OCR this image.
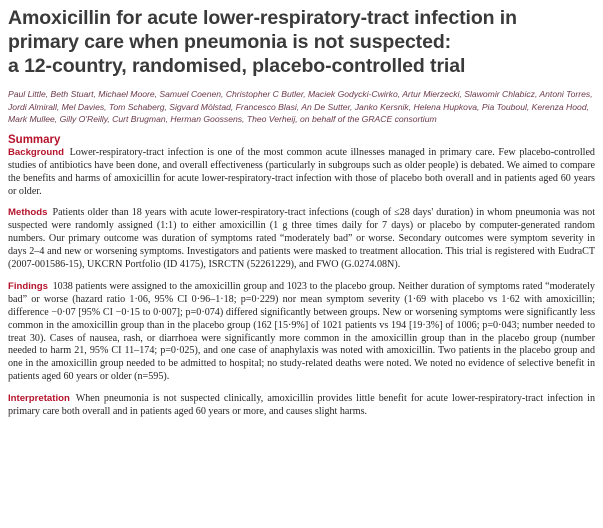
Amoxicillin for acute lower-respiratory-tract infection in
primary care when pneumonia is not suspected:
a 12-country, randomised, placebo-controlled trial

Paul Little, Beth Stuart, Michael Moore, Samuel Coenen, Christopher C Butler, Maciek Godycki-Cwirko, Artur Mierzecki, Slawomir Chlabicz, Antoni Torres, Jordi Almirall, Mel Davies, Tom Schaberg, Sigvard Mölstad, Francesco Blasi, An De Sutter, Janko Kersnik, Helena Hupkova, Pia Touboul, Kerenza Hood, Mark Mullee, Gilly O'Reilly, Curt Brugman, Herman Goossens, Theo Verheij, on behalf of the GRACE consortium

Summary

Background Lower-respiratory-tract infection is one of the most common acute illnesses managed in primary care. Few placebo-controlled studies of antibiotics have been done, and overall effectiveness (particularly in subgroups such as older people) is debated. We aimed to compare the benefits and harms of amoxicillin for acute lower-respiratory-tract infection with those of placebo both overall and in patients aged 60 years or older.

Methods Patients older than 18 years with acute lower-respiratory-tract infections (cough of ≤28 days' duration) in whom pneumonia was not suspected were randomly assigned (1:1) to either amoxicillin (1 g three times daily for 7 days) or placebo by computer-generated random numbers. Our primary outcome was duration of symptoms rated “moderately bad” or worse. Secondary outcomes were symptom severity in days 2–4 and new or worsening symptoms. Investigators and patients were masked to treatment allocation. This trial is registered with EudraCT (2007-001586-15), UKCRN Portfolio (ID 4175), ISRCTN (52261229), and FWO (G.0274.08N).

Findings 1038 patients were assigned to the amoxicillin group and 1023 to the placebo group. Neither duration of symptoms rated “moderately bad” or worse (hazard ratio 1·06, 95% CI 0·96–1·18; p=0·229) nor mean symptom severity (1·69 with placebo vs 1·62 with amoxicillin; difference −0·07 [95% CI −0·15 to 0·007]; p=0·074) differed significantly between groups. New or worsening symptoms were significantly less common in the amoxicillin group than in the placebo group (162 [15·9%] of 1021 patients vs 194 [19·3%] of 1006; p=0·043; number needed to treat 30). Cases of nausea, rash, or diarrhoea were significantly more common in the amoxicillin group than in the placebo group (number needed to harm 21, 95% CI 11–174; p=0·025), and one case of anaphylaxis was noted with amoxicillin. Two patients in the placebo group and one in the amoxicillin group needed to be admitted to hospital; no study-related deaths were noted. We noted no evidence of selective benefit in patients aged 60 years or older (n=595).

Interpretation When pneumonia is not suspected clinically, amoxicillin provides little benefit for acute lower-respiratory-tract infection in primary care both overall and in patients aged 60 years or more, and causes slight harms.
